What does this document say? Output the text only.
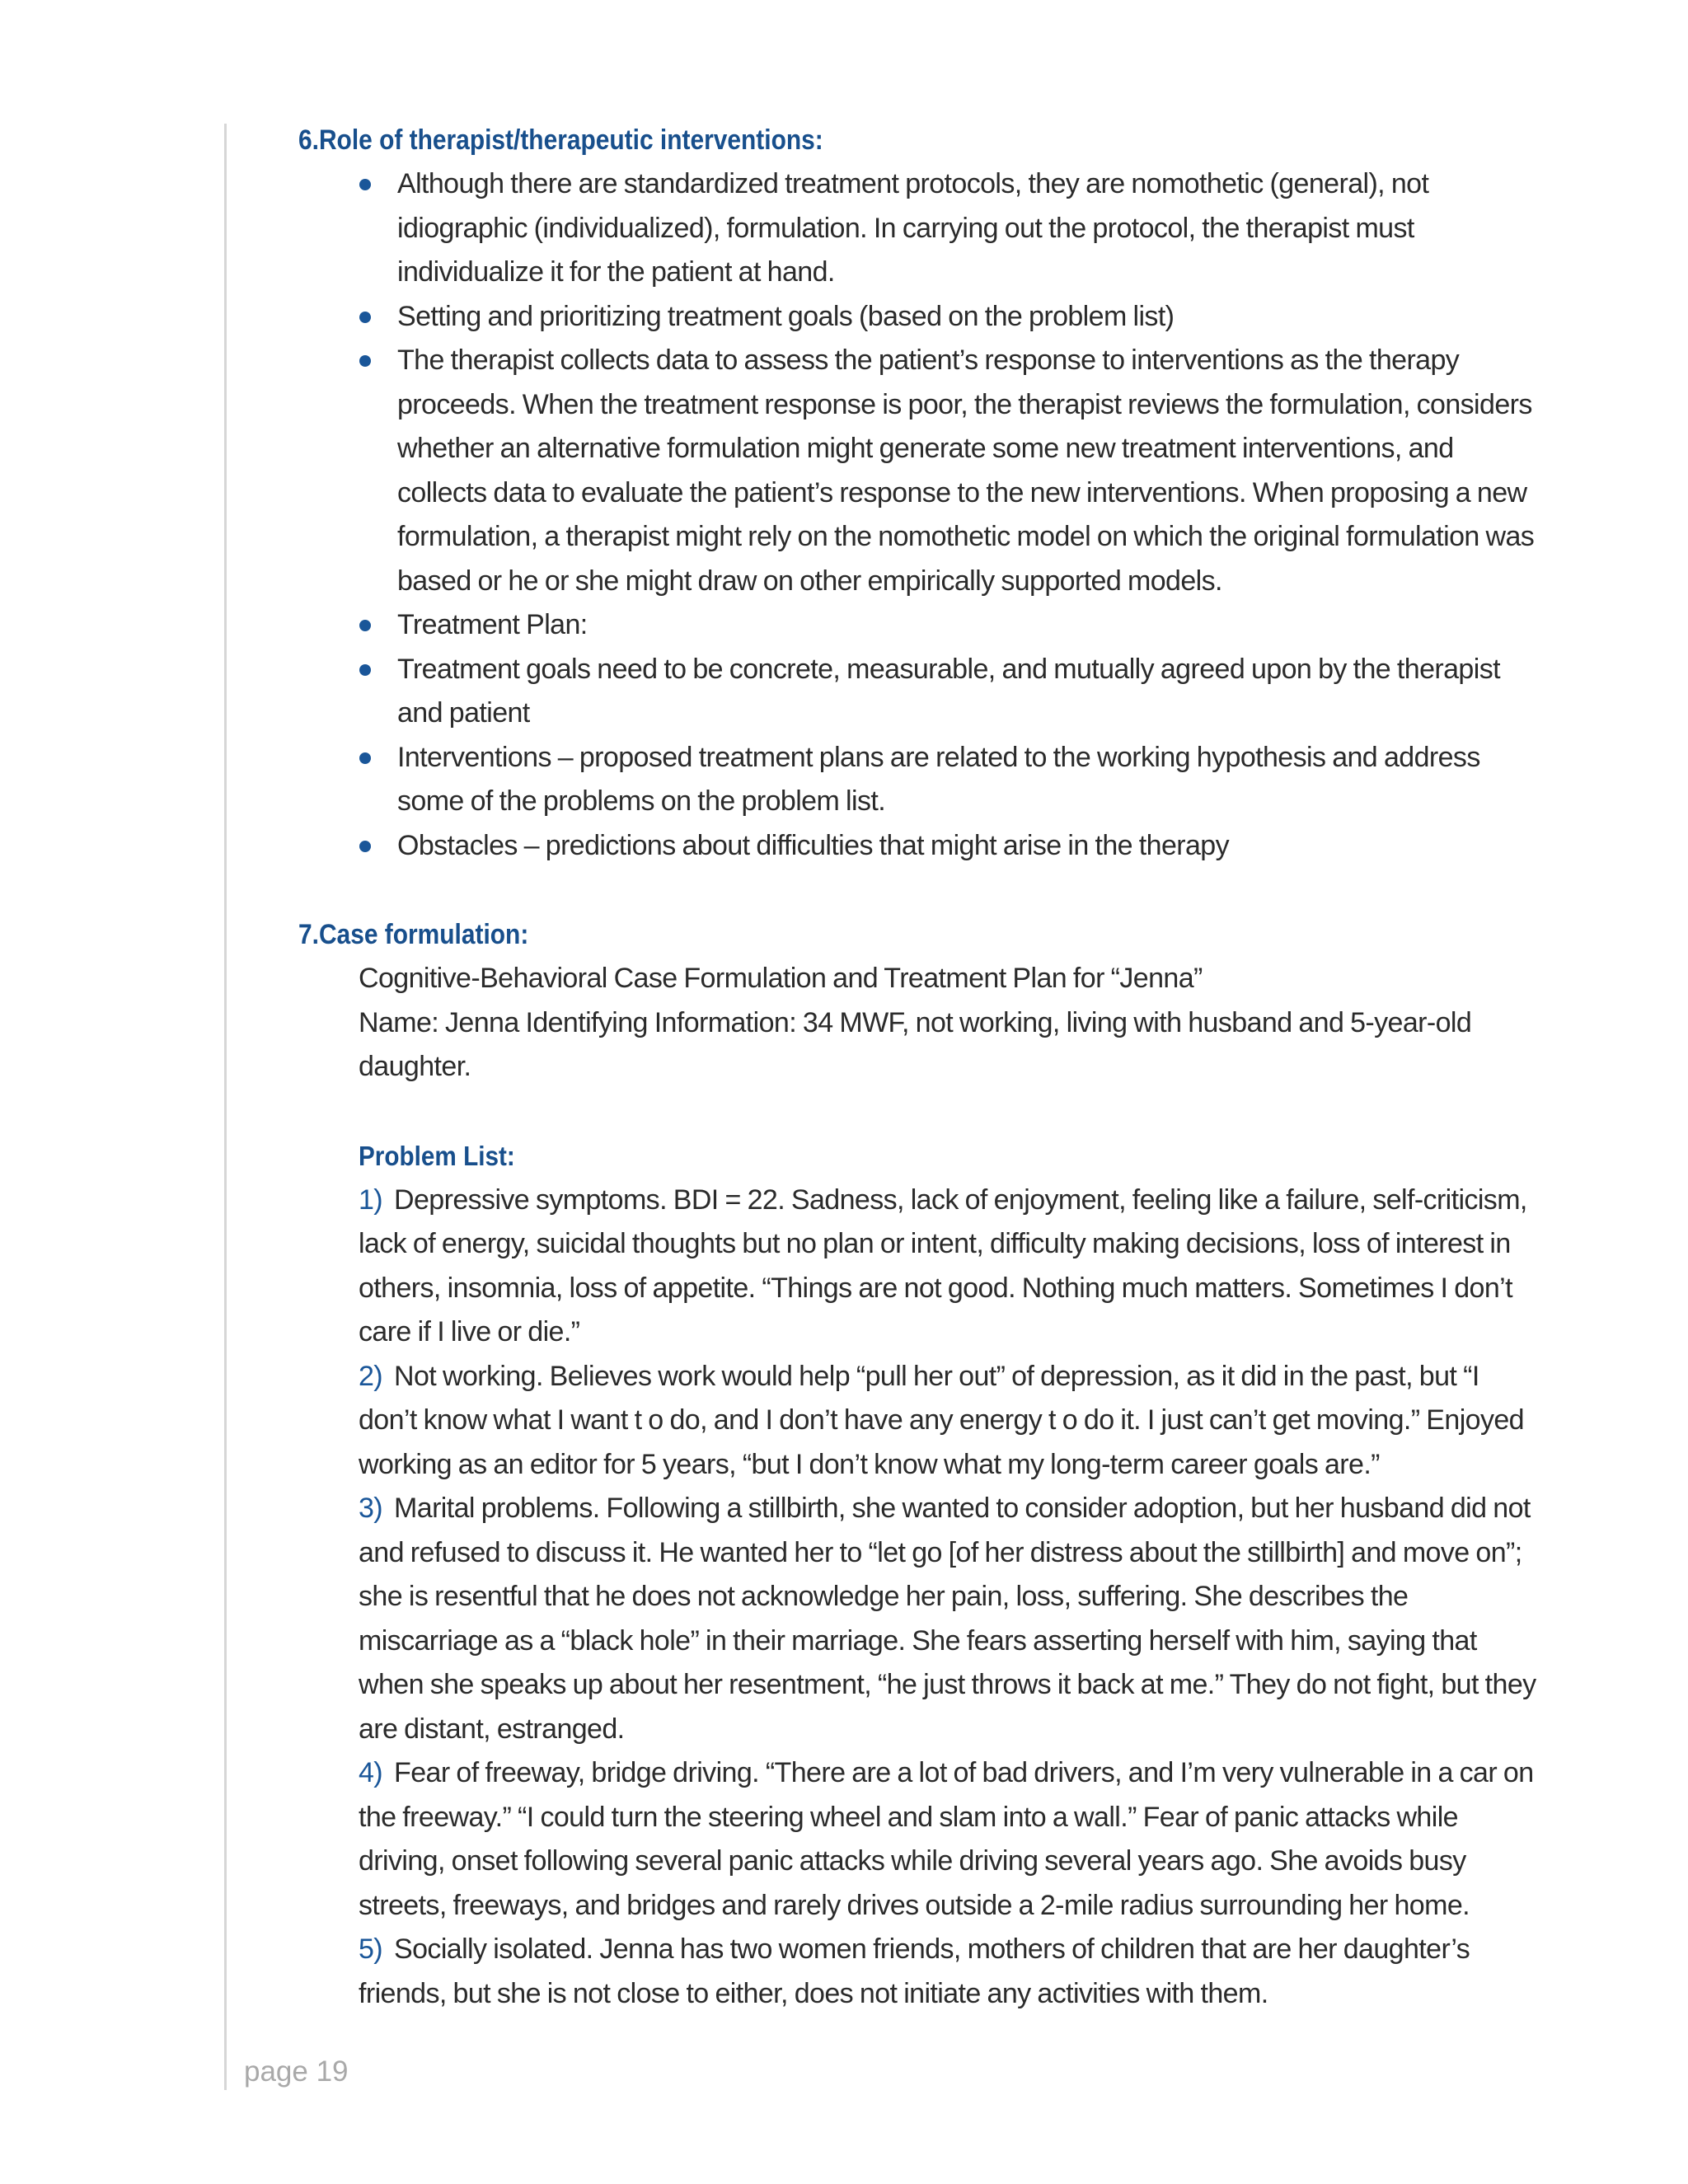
6.Role of therapist/therapeutic interventions:
Although there are standardized treatment protocols, they are nomothetic (general), not idiographic (individualized), formulation. In carrying out the protocol, the therapist must individualize it for the patient at hand.
Setting and prioritizing treatment goals (based on the problem list)
The therapist collects data to assess the patient’s response to interventions as the therapy proceeds. When the treatment response is poor, the therapist reviews the formulation, considers whether an alternative formulation might generate some new treatment interventions, and collects data to evaluate the patient’s response to the new interventions. When proposing a new formulation, a therapist might rely on the nomothetic model on which the original formulation was based or he or she might draw on other empirically supported models.
Treatment Plan:
Treatment goals need to be concrete, measurable, and mutually agreed upon by the therapist and patient
Interventions – proposed treatment plans are related to the working hypothesis and address some of the problems on the problem list.
Obstacles – predictions about difficulties that might arise in the therapy
7.Case formulation:

Cognitive-Behavioral Case Formulation and Treatment Plan for “Jenna”

Name: Jenna Identifying Information: 34 MWF, not working, living with husband and 5-year-old daughter.

Problem List:

1) Depressive symptoms. BDI = 22. Sadness, lack of enjoyment, feeling like a failure, self-criticism, lack of energy, suicidal thoughts but no plan or intent, difficulty making decisions, loss of interest in others, insomnia, loss of appetite. “Things are not good. Nothing much matters. Sometimes I don’t care if I live or die.”

2) Not working. Believes work would help “pull her out” of depression, as it did in the past, but “I don’t know what I want t o do, and I don’t have any energy t o do it. I just can’t get moving.” Enjoyed working as an editor for 5 years, “but I don’t know what my long-term career goals are.”

3) Marital problems. Following a stillbirth, she wanted to consider adoption, but her husband did not and refused to discuss it. He wanted her to “let go [of her distress about the stillbirth] and move on”; she is resentful that he does not acknowledge her pain, loss, suffering. She describes the miscarriage as a “black hole” in their marriage. She fears asserting herself with him, saying that when she speaks up about her resentment, “he just throws it back at me.” They do not fight, but they are distant, estranged.

4) Fear of freeway, bridge driving. “There are a lot of bad drivers, and I’m very vulnerable in a car on the freeway.” “I could turn the steering wheel and slam into a wall.” Fear of panic attacks while driving, onset following several panic attacks while driving several years ago. She avoids busy streets, freeways, and bridges and rarely drives outside a 2-mile radius surrounding her home.

5) Socially isolated. Jenna has two women friends, mothers of children that are her daughter’s friends, but she is not close to either, does not initiate any activities with them.

page 19
